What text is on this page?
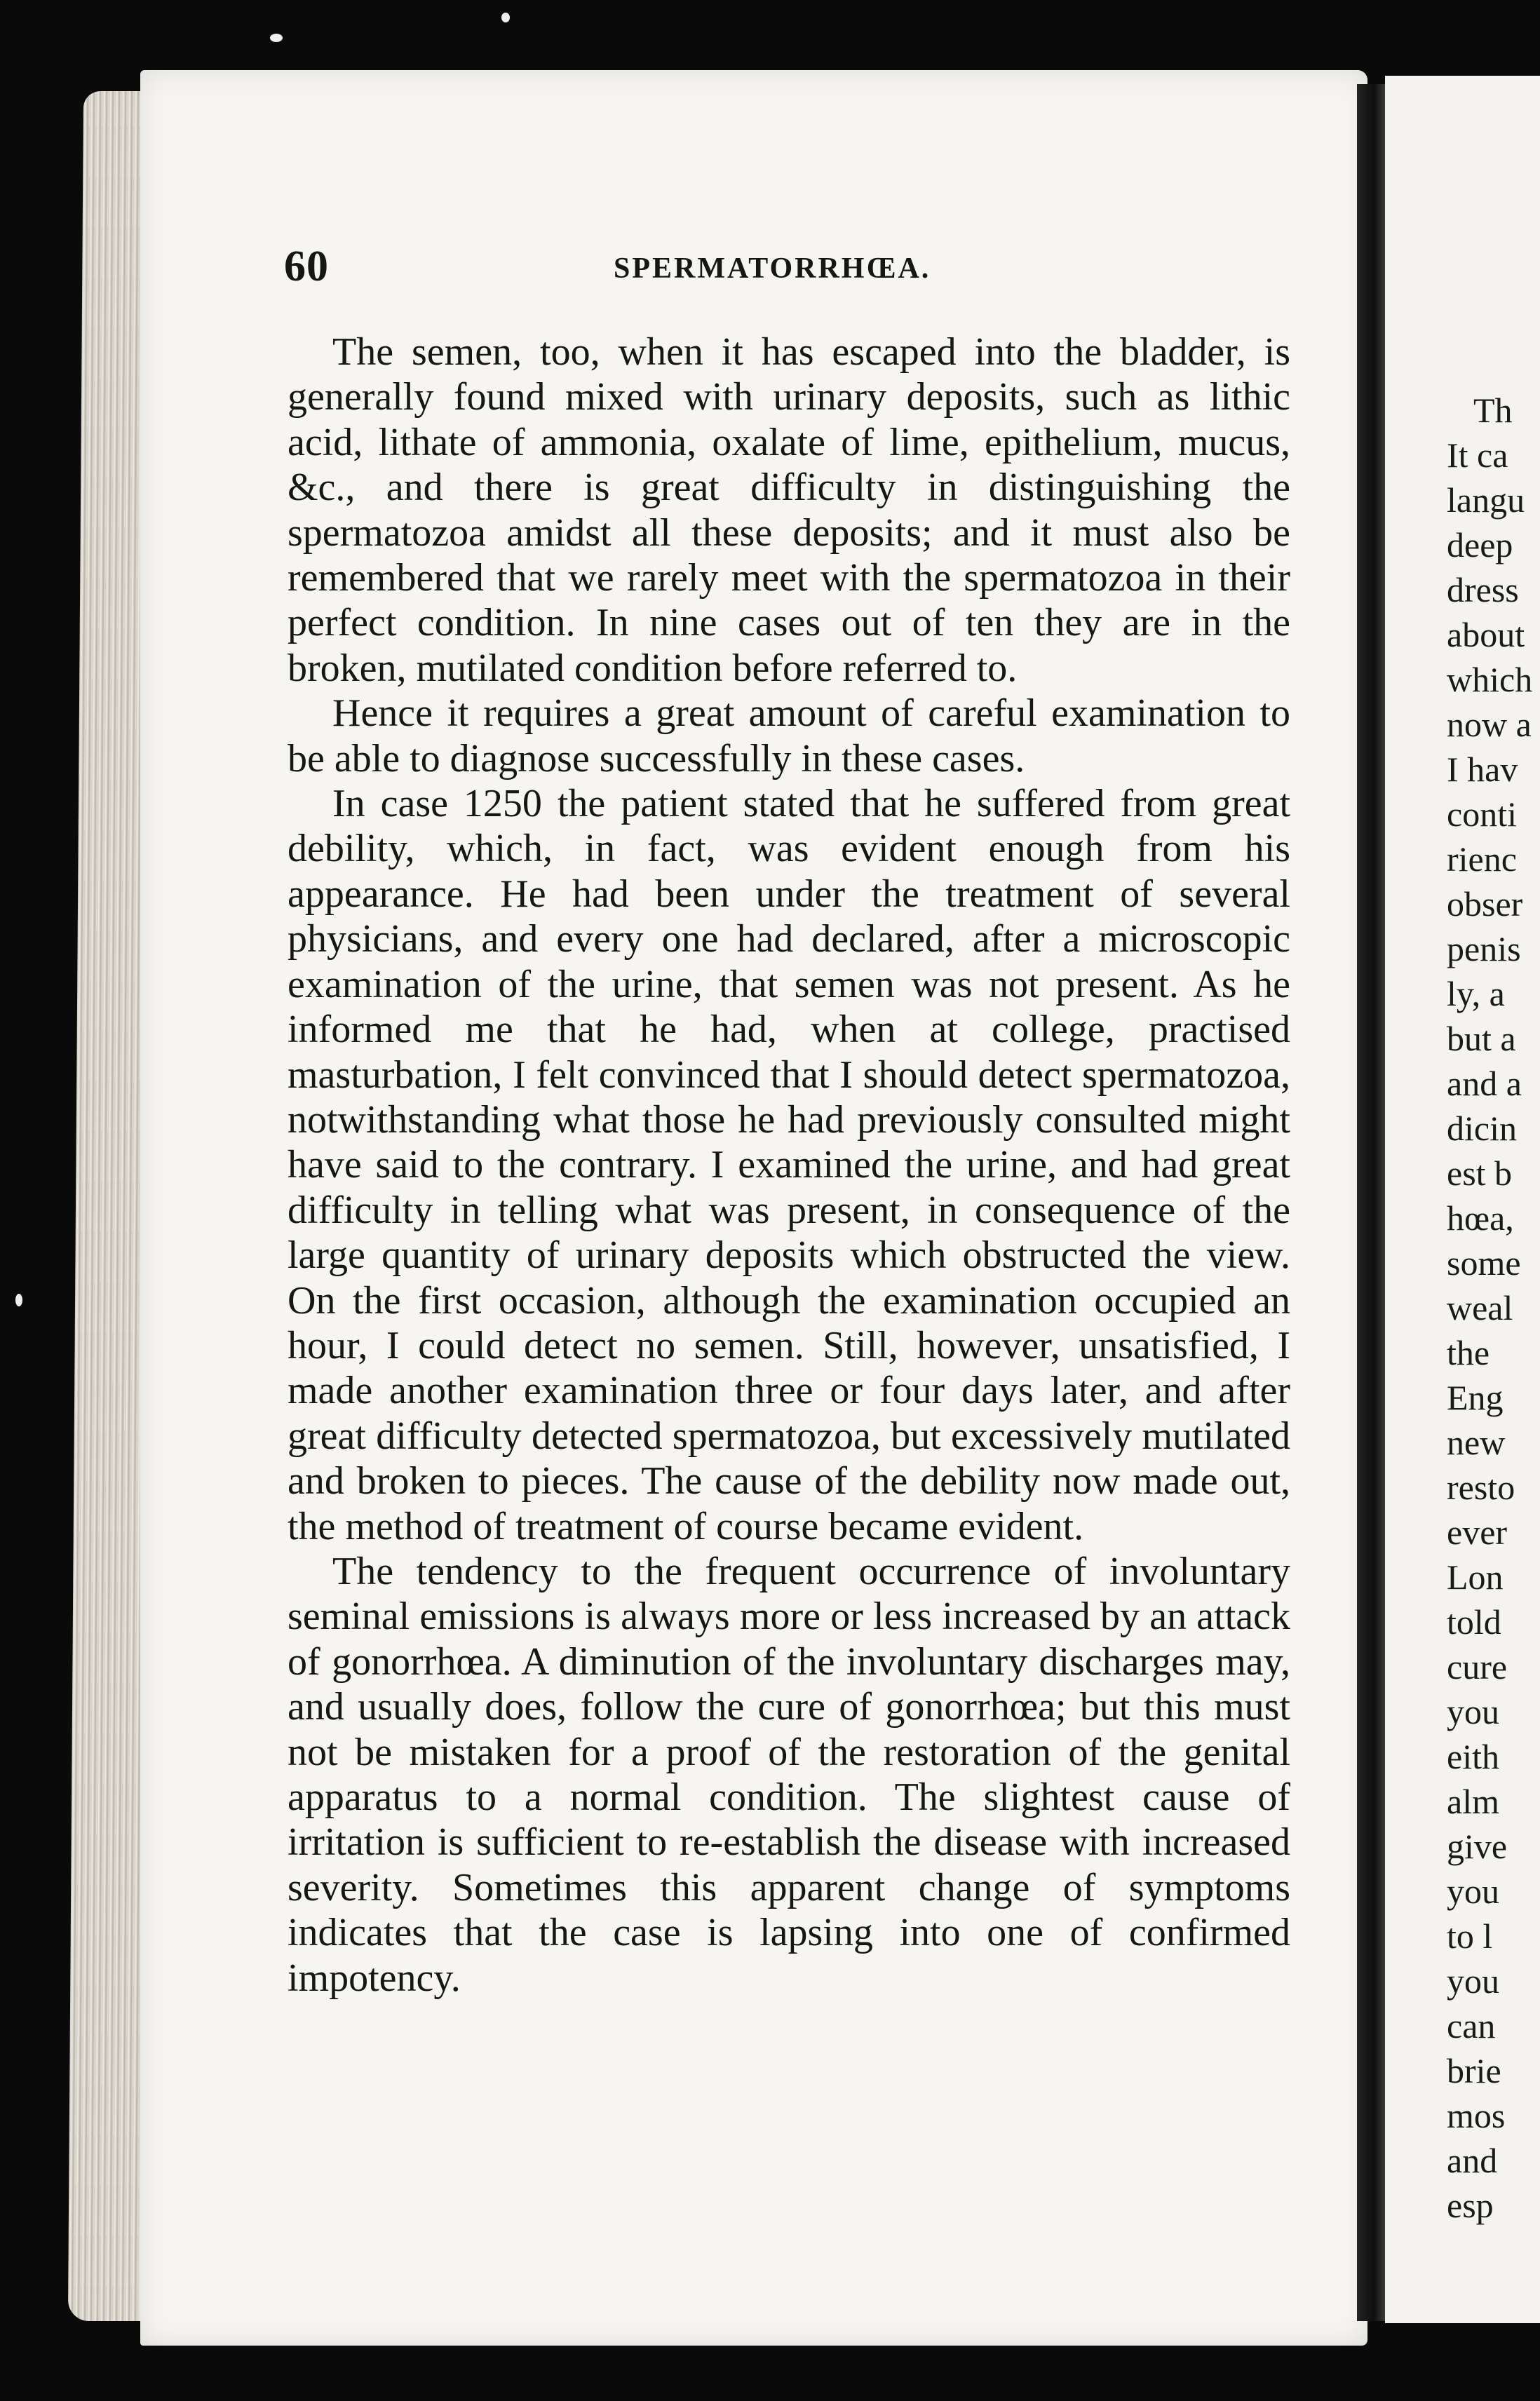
Th
It ca
langu
deep
dress
about
which
now a
I hav
conti
rienc
obser
penis
ly, a
but a
and a
dicin
est b
hœa,
some
weal
the
Eng
new
resto
ever
Lon
told
cure
you
eith
alm
give
you
to l
you
can
brie
mos
and
esp
60	SPERMATORRHŒA.

The semen, too, when it has escaped into the bladder, is generally found mixed with urinary deposits, such as lithic acid, lithate of ammonia, oxalate of lime, epithelium, mucus, &c., and there is great difficulty in distinguishing the spermatozoa amidst all these deposits; and it must also be remembered that we rarely meet with the spermatozoa in their perfect condition. In nine cases out of ten they are in the broken, mutilated condition before referred to.

Hence it requires a great amount of careful examination to be able to diagnose successfully in these cases.

In case 1250 the patient stated that he suffered from great debility, which, in fact, was evident enough from his appearance. He had been under the treatment of several physicians, and every one had declared, after a microscopic examination of the urine, that semen was not present. As he informed me that he had, when at college, practised masturbation, I felt convinced that I should detect spermatozoa, notwithstanding what those he had previously consulted might have said to the contrary. I examined the urine, and had great difficulty in telling what was present, in consequence of the large quantity of urinary deposits which obstructed the view. On the first occasion, although the examination occupied an hour, I could detect no semen. Still, however, unsatisfied, I made another examination three or four days later, and after great difficulty detected spermatozoa, but excessively mutilated and broken to pieces. The cause of the debility now made out, the method of treatment of course became evident.

The tendency to the frequent occurrence of involuntary seminal emissions is always more or less increased by an attack of gonorrhœa. A diminution of the involuntary discharges may, and usually does, follow the cure of gonorrhœa; but this must not be mistaken for a proof of the restoration of the genital apparatus to a normal condition. The slightest cause of irritation is sufficient to re-establish the disease with increased severity. Sometimes this apparent change of symptoms indicates that the case is lapsing into one of confirmed impotency.
